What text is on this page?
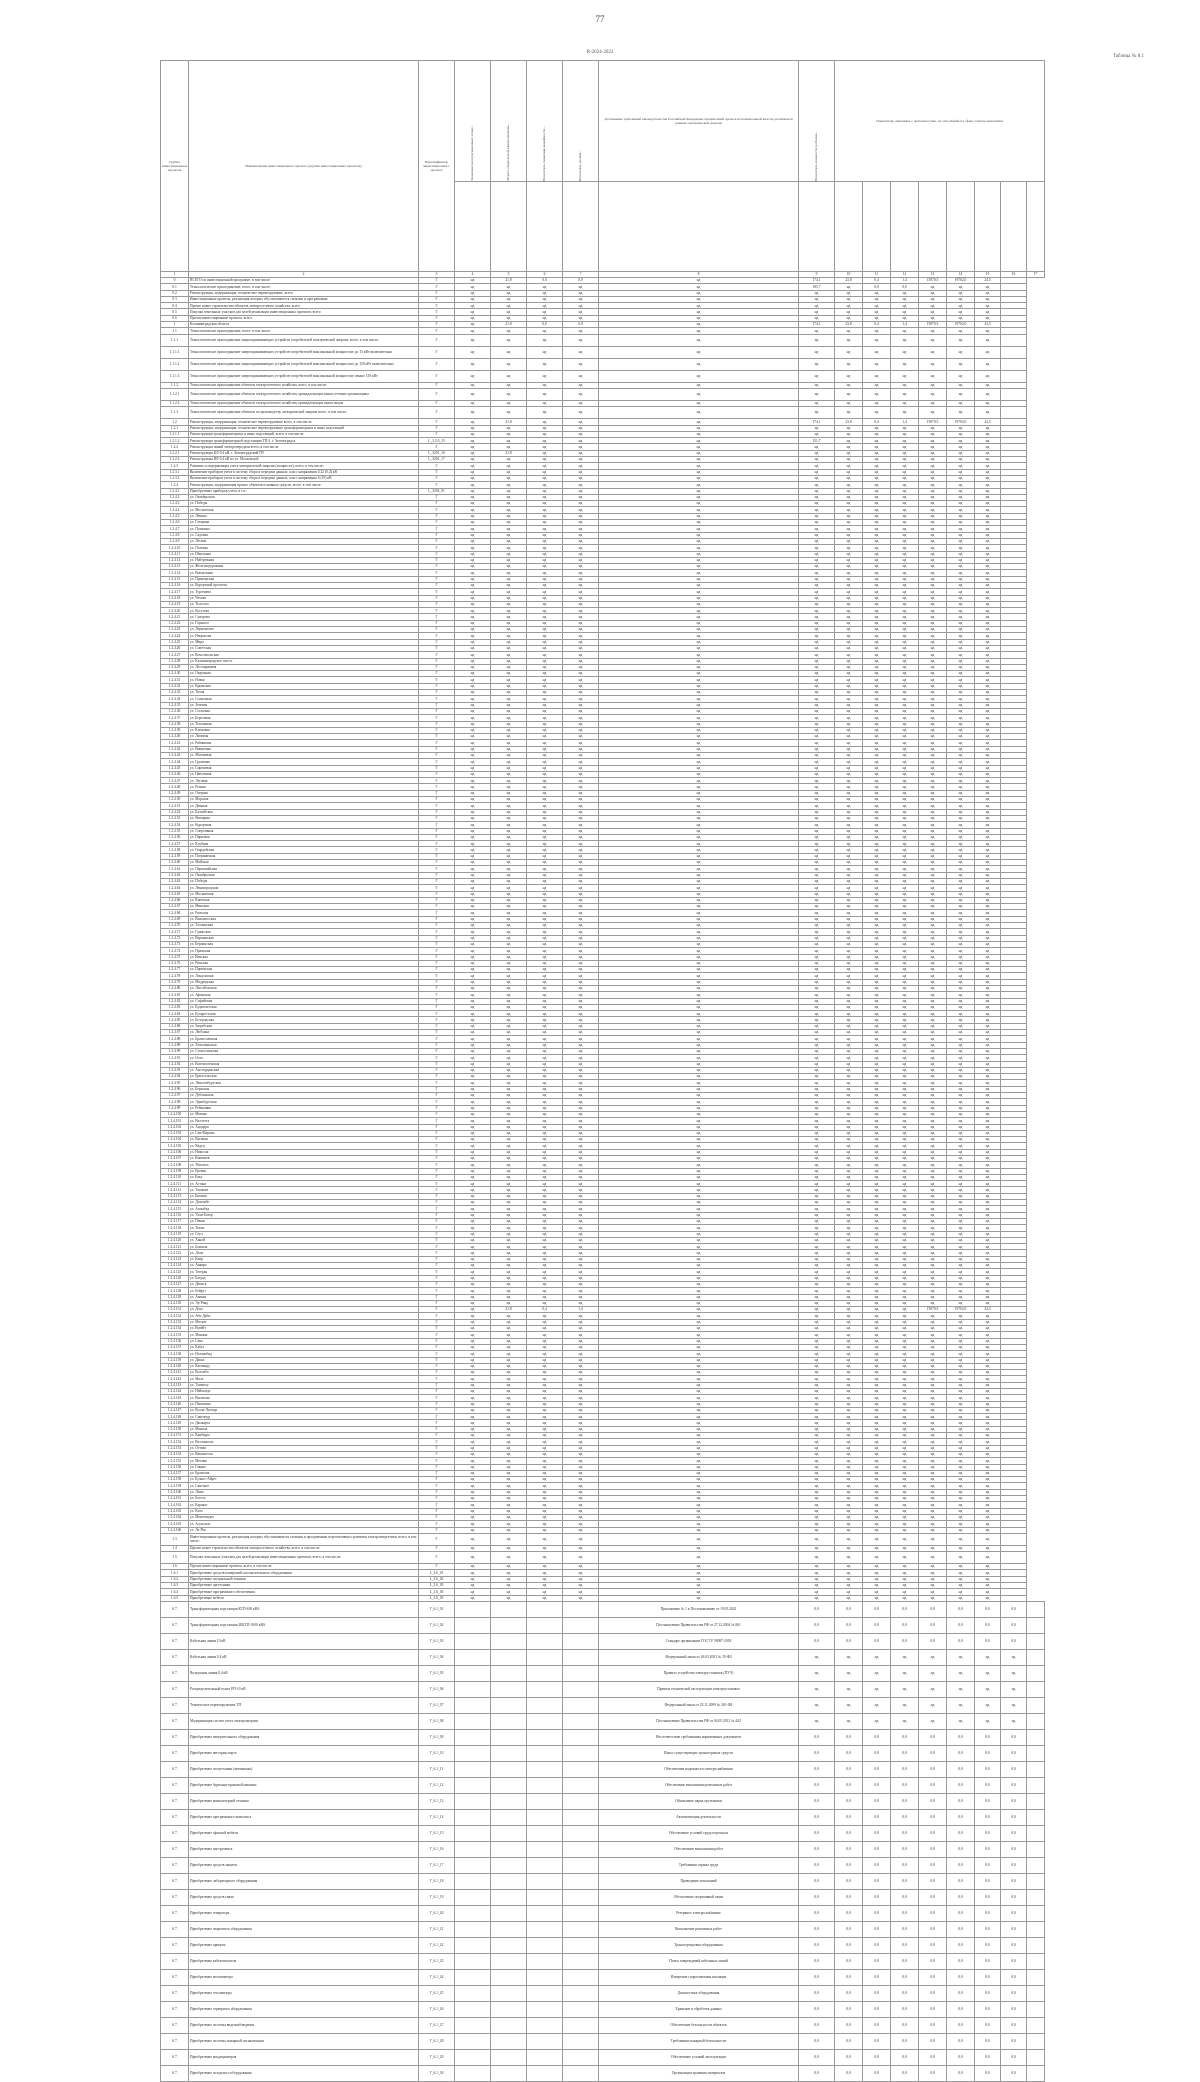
77
R-2024-2022
Таблица № 8.1
Группа инвестиционных проектов	Наименование инвестиционного проекта (группы инвестиционных проектов)	Идентификатор инвестиционного проекта	Экономия эксплуатационных затрат...	Затрата сберегаемой электроэнергии...	Показатель снижения аварийности...	Показатель уровня...	Достижение требований законодательства Российской Федерации, предписаний органов исполнительной власти, регламентов рынков электрической энергии	Показатель мощности и объема...	Показатели, связанные с деятельностью, не относящейся к сфере электроэнергетики							

1	2	3	4	5	6	7	8	9	10	11	12	13	14	15	16	17
0	ВСЕГО по инвестиционной программе, в том числе:	Г	нд	21,8	0,0	0,0	нд	174,1	23,8	0,4	1,4	15870,5	19702,0	24,5		
0.1	Технологическое присоединение, всего, в том числе:	Г	нд	нд	нд	нд	нд	185,7	нд	0,0	0,0	нд	нд	нд		
0.2	Реконструкция, модернизация, техническое перевооружение, всего	Г	нд	нд	нд	нд	нд	нд	нд	нд	нд	нд	нд	нд		
0.3	Инвестиционные проекты, реализация которых обусловливается схемами и программами	Г	нд	нд	нд	нд	нд	нд	нд	нд	нд	нд	нд	нд		
0.4	Прочее новое строительство объектов электросетевого хозяйства, всего	Г	нд	нд	нд	нд	нд	нд	нд	нд	нд	нд	нд	нд		
0.5	Покупка земельных участков для целей реализации инвестиционных проектов, всего	Г	нд	нд	нд	нд	нд	нд	нд	нд	нд	нд	нд	нд		
0.6	Прочие инвестиционные проекты, всего	Г	нд	нд	нд	нд	нд	нд	нд	нд	нд	нд	нд	нд		
1	Калининградская область	Г	нд	21,8	0,0	0,0	нд	174,1	23,8	0,4	1,4	15870,5	19702,0	24,5		
1.1	Технологическое присоединение, всего, в том числе:	Г	нд	нд	нд	нд	нд	нд	нд	нд	нд	нд	нд	нд		
1.1.1	Технологическое присоединение энергопринимающих устройств потребителей электрической энергии, всего, в том числе:	Г	нд	нд	нд	нд	нд	нд	нд	нд	нд	нд	нд	нд		
1.1.1.1	Технологическое присоединение энергопринимающих устройств потребителей максимальной мощностью до 15 кВт включительно	Г	нд	нд	нд	нд	нд	нд	нд	нд	нд	нд	нд	нд		
1.1.1.2	Технологическое присоединение энергопринимающих устройств потребителей максимальной мощностью до 150 кВт включительно	Г	нд	нд	нд	нд	нд	нд	нд	нд	нд	нд	нд	нд		
1.1.1.3	Технологическое присоединение энергопринимающих устройств потребителей максимальной мощностью свыше 150 кВт	Г	нд	нд	нд	нд	нд	нд	нд	нд	нд	нд	нд	нд		
1.1.2	Технологическое присоединение объектов электросетевого хозяйства, всего, в том числе:	Г	нд	нд	нд	нд	нд	нд	нд	нд	нд	нд	нд	нд		
1.1.2.1	Технологическое присоединение объектов электросетевого хозяйства, принадлежащих иным сетевым организациям	Г	нд	нд	нд	нд	нд	нд	нд	нд	нд	нд	нд	нд		
1.1.2.2	Технологическое присоединение объектов электросетевого хозяйства, принадлежащих иным лицам	Г	нд	нд	нд	нд	нд	нд	нд	нд	нд	нд	нд	нд		
1.1.3	Технологическое присоединение объектов по производству электрической энергии всего, в том числе:	Г	нд	нд	нд	нд	нд	нд	нд	нд	нд	нд	нд	нд		
1.2	Реконструкция, модернизация, техническое перевооружение всего, в том числе:	Г	нд	21,8	нд	нд	нд	174,1	23,8	0,4	1,4	15870,5	19702,0	24,5		
1.2.1	Реконструкция, модернизация, техническое перевооружение трансформаторных и иных подстанций	Г	нд	нд	нд	нд	нд	нд	нд	нд	нд	нд	нд	нд		
1.2.1.1	Реконструкция трансформаторных и иных подстанций, всего, в том числе:	Г	нд	нд	нд	нд	нд	нд	нд	нд	нд	нд	нд	нд		
1.2.1.2	Реконструкция трансформаторной подстанции ТП-2, г. Зеленоградск	L_3.2.0_15	нд	нд	нд	нд	нд	151,7	нд	нд	нд	нд	нд	нд		
1.2.2	Реконструкция линий электропередачи всего, в том числе:	Г	нд	нд	нд	нд	нд	нд	нд	нд	нд	нд	нд	нд		
1.2.2.1	Реконструкция КЛ-0,4 кВ, г. Зеленоградский ПУ	L_3201_16	нд	21,8	нд	нд	нд	нд	нд	нд	нд	нд	нд	нд		
1.2.2.2	Реконструкция ВЛ-0,4 кВ по ул. Московской	L_3201_17	нд	нд	нд	нд	нд	нд	нд	нд	нд	нд	нд	нд		
1.2.3	Развитие и модернизация учета электрической энергии (мощности), всего, в том числе:	Г	нд	нд	нд	нд	нд	нд	нд	нд	нд	нд	нд	нд		
1.2.3.1	Включение приборов учета в систему сбора и передачи данных, класс напряжения 0,22 (0,4) кВ	Г	нд	нд	нд	нд	нд	нд	нд	нд	нд	нд	нд	нд		
1.2.3.2	Включение приборов учета в систему сбора и передачи данных, класс напряжения 6 (10) кВ	Г	нд	нд	нд	нд	нд	нд	нд	нд	нд	нд	нд	нд		
1.2.4	Реконструкция, модернизация прочих объектов основных средств, всего, в том числе:	Г	нд	нд	нд	нд	нд	нд	нд	нд	нд	нд	нд	нд		
1.2.4.1	Приобретение приборов учета, в т.ч.:	L_3204_01	нд	нд	нд	нд	нд	нд	нд	нд	нд	нд	нд	нд		
1.2.4.2	ул. Октябрьская	Г	нд	нд	нд	нд	нд	нд	нд	нд	нд	нд	нд	нд		
1.2.4.3	ул. Победы	Г	нд	нд	нд	нд	нд	нд	нд	нд	нд	нд	нд	нд		
1.2.4.4	ул. Московская	Г	нд	нд	нд	нд	нд	нд	нд	нд	нд	нд	нд	нд		
1.2.4.5	ул. Ленина	Г	нд	нд	нд	нд	нд	нд	нд	нд	нд	нд	нд	нд		
1.2.4.6	ул. Гагарина	Г	нд	нд	нд	нд	нд	нд	нд	нд	нд	нд	нд	нд		
1.2.4.7	ул. Пушкина	Г	нд	нд	нд	нд	нд	нд	нд	нд	нд	нд	нд	нд		
1.2.4.8	ул. Садовая	Г	нд	нд	нд	нд	нд	нд	нд	нд	нд	нд	нд	нд		
1.2.4.9	ул. Лесная	Г	нд	нд	нд	нд	нд	нд	нд	нд	нд	нд	нд	нд		
1.2.4.10	ул. Полевая	Г	нд	нд	нд	нд	нд	нд	нд	нд	нд	нд	нд	нд		
1.2.4.11	ул. Школьная	Г	нд	нд	нд	нд	нд	нд	нд	нд	нд	нд	нд	нд		
1.2.4.12	ул. Набережная	Г	нд	нд	нд	нд	нд	нд	нд	нд	нд	нд	нд	нд		
1.2.4.13	ул. Железнодорожная	Г	нд	нд	нд	нд	нд	нд	нд	нд	нд	нд	нд	нд		
1.2.4.14	ул. Вокзальная	Г	нд	нд	нд	нд	нд	нд	нд	нд	нд	нд	нд	нд		
1.2.4.15	ул. Приморская	Г	нд	нд	нд	нд	нд	нд	нд	нд	нд	нд	нд	нд		
1.2.4.16	ул. Курортный проспект	Г	нд	нд	нд	нд	нд	нд	нд	нд	нд	нд	нд	нд		
1.2.4.17	ул. Тургенева	Г	нд	нд	нд	нд	нд	нд	нд	нд	нд	нд	нд	нд		
1.2.4.18	ул. Чехова	Г	нд	нд	нд	нд	нд	нд	нд	нд	нд	нд	нд	нд		
1.2.4.19	ул. Толстого	Г	нд	нд	нд	нд	нд	нд	нд	нд	нд	нд	нд	нд		
1.2.4.20	ул. Кутузова	Г	нд	нд	нд	нд	нд	нд	нд	нд	нд	нд	нд	нд		
1.2.4.21	ул. Суворова	Г	нд	нд	нд	нд	нд	нд	нд	нд	нд	нд	нд	нд		
1.2.4.22	ул. Горького	Г	нд	нд	нд	нд	нд	нд	нд	нд	нд	нд	нд	нд		
1.2.4.23	ул. Лермонтова	Г	нд	нд	нд	нд	нд	нд	нд	нд	нд	нд	нд	нд		
1.2.4.24	ул. Некрасова	Г	нд	нд	нд	нд	нд	нд	нд	нд	нд	нд	нд	нд		
1.2.4.25	ул. Мира	Г	нд	нд	нд	нд	нд	нд	нд	нд	нд	нд	нд	нд		
1.2.4.26	ул. Советская	Г	нд	нд	нд	нд	нд	нд	нд	нд	нд	нд	нд	нд		
1.2.4.27	ул. Комсомольская	Г	нд	нд	нд	нд	нд	нд	нд	нд	нд	нд	нд	нд		
1.2.4.28	ул. Калининградское шоссе	Г	нд	нд	нд	нд	нд	нд	нд	нд	нд	нд	нд	нд		
1.2.4.29	ул. Лесопарковая	Г	нд	нд	нд	нд	нд	нд	нд	нд	нд	нд	нд	нд		
1.2.4.30	ул. Окружная	Г	нд	нд	нд	нд	нд	нд	нд	нд	нд	нд	нд	нд		
1.2.4.31	ул. Новая	Г	нд	нд	нд	нд	нд	нд	нд	нд	нд	нд	нд	нд		
1.2.4.32	ул. Крымская	Г	нд	нд	нд	нд	нд	нд	нд	нд	нд	нд	нд	нд		
1.2.4.33	ул. Тихая	Г	нд	нд	нд	нд	нд	нд	нд	нд	нд	нд	нд	нд		
1.2.4.34	ул. Солнечная	Г	нд	нд	нд	нд	нд	нд	нд	нд	нд	нд	нд	нд		
1.2.4.35	ул. Зеленая	Г	нд	нд	нд	нд	нд	нд	нд	нд	нд	нд	нд	нд		
1.2.4.36	ул. Сосновая	Г	нд	нд	нд	нд	нд	нд	нд	нд	нд	нд	нд	нд		
1.2.4.37	ул. Березовая	Г	нд	нд	нд	нд	нд	нд	нд	нд	нд	нд	нд	нд		
1.2.4.38	ул. Тополиная	Г	нд	нд	нд	нд	нд	нд	нд	нд	нд	нд	нд	нд		
1.2.4.39	ул. Кленовая	Г	нд	нд	нд	нд	нд	нд	нд	нд	нд	нд	нд	нд		
1.2.4.40	ул. Липовая	Г	нд	нд	нд	нд	нд	нд	нд	нд	нд	нд	нд	нд		
1.2.4.41	ул. Рябиновая	Г	нд	нд	нд	нд	нд	нд	нд	нд	нд	нд	нд	нд		
1.2.4.42	ул. Вишневая	Г	нд	нд	нд	нд	нд	нд	нд	нд	нд	нд	нд	нд		
1.2.4.43	ул. Яблоневая	Г	нд	нд	нд	нд	нд	нд	нд	нд	нд	нд	нд	нд		
1.2.4.44	ул. Грушевая	Г	нд	нд	нд	нд	нд	нд	нд	нд	нд	нд	нд	нд		
1.2.4.45	ул. Сиреневая	Г	нд	нд	нд	нд	нд	нд	нд	нд	нд	нд	нд	нд		
1.2.4.46	ул. Цветочная	Г	нд	нд	нд	нд	нд	нд	нд	нд	нд	нд	нд	нд		
1.2.4.47	ул. Луговая	Г	нд	нд	нд	нд	нд	нд	нд	нд	нд	нд	нд	нд		
1.2.4.48	ул. Речная	Г	нд	нд	нд	нд	нд	нд	нд	нд	нд	нд	нд	нд		
1.2.4.49	ул. Озерная	Г	нд	нд	нд	нд	нд	нд	нд	нд	нд	нд	нд	нд		
1.2.4.50	ул. Морская	Г	нд	нд	нд	нд	нд	нд	нд	нд	нд	нд	нд	нд		
1.2.4.51	ул. Дюнная	Г	нд	нд	нд	нд	нд	нд	нд	нд	нд	нд	нд	нд		
1.2.4.52	ул. Балтийская	Г	нд	нд	нд	нд	нд	нд	нд	нд	нд	нд	нд	нд		
1.2.4.53	ул. Янтарная	Г	нд	нд	нд	нд	нд	нд	нд	нд	нд	нд	нд	нд		
1.2.4.54	ул. Курортная	Г	нд	нд	нд	нд	нд	нд	нд	нд	нд	нд	нд	нд		
1.2.4.55	ул. Спортивная	Г	нд	нд	нд	нд	нд	нд	нд	нд	нд	нд	нд	нд		
1.2.4.56	ул. Парковая	Г	нд	нд	нд	нд	нд	нд	нд	нд	нд	нд	нд	нд		
1.2.4.57	ул. Клубная	Г	нд	нд	нд	нд	нд	нд	нд	нд	нд	нд	нд	нд		
1.2.4.58	ул. Гвардейская	Г	нд	нд	нд	нд	нд	нд	нд	нд	нд	нд	нд	нд		
1.2.4.59	ул. Пограничная	Г	нд	нд	нд	нд	нд	нд	нд	нд	нд	нд	нд	нд		
1.2.4.60	ул. Майская	Г	нд	нд	нд	нд	нд	нд	нд	нд	нд	нд	нд	нд		
1.2.4.61	ул. Первомайская	Г	нд	нд	нд	нд	нд	нд	нд	нд	нд	нд	нд	нд		
1.2.4.62	ул. Октябрьская	Г	нд	нд	нд	нд	нд	нд	нд	нд	нд	нд	нд	нд		
1.2.4.63	ул. Победы	Г	нд	нд	нд	нд	нд	нд	нд	нд	нд	нд	нд	нд		
1.2.4.64	ул. Ленинградская	Г	нд	нд	нд	нд	нд	нд	нд	нд	нд	нд	нд	нд		
1.2.4.65	ул. Московская	Г	нд	нд	нд	нд	нд	нд	нд	нд	нд	нд	нд	нд		
1.2.4.66	ул. Киевская	Г	нд	нд	нд	нд	нд	нд	нд	нд	нд	нд	нд	нд		
1.2.4.67	ул. Минская	Г	нд	нд	нд	нд	нд	нд	нд	нд	нд	нд	нд	нд		
1.2.4.68	ул. Рижская	Г	нд	нд	нд	нд	нд	нд	нд	нд	нд	нд	нд	нд		
1.2.4.69	ул. Вильнюсская	Г	нд	нд	нд	нд	нд	нд	нд	нд	нд	нд	нд	нд		
1.2.4.70	ул. Таллинская	Г	нд	нд	нд	нд	нд	нд	нд	нд	нд	нд	нд	нд		
1.2.4.71	ул. Гданьская	Г	нд	нд	нд	нд	нд	нд	нд	нд	нд	нд	нд	нд		
1.2.4.72	ул. Варшавская	Г	нд	нд	нд	нд	нд	нд	нд	нд	нд	нд	нд	нд		
1.2.4.73	ул. Берлинская	Г	нд	нд	нд	нд	нд	нд	нд	нд	нд	нд	нд	нд		
1.2.4.74	ул. Пражская	Г	нд	нд	нд	нд	нд	нд	нд	нд	нд	нд	нд	нд		
1.2.4.75	ул. Венская	Г	нд	нд	нд	нд	нд	нд	нд	нд	нд	нд	нд	нд		
1.2.4.76	ул. Римская	Г	нд	нд	нд	нд	нд	нд	нд	нд	нд	нд	нд	нд		
1.2.4.77	ул. Парижская	Г	нд	нд	нд	нд	нд	нд	нд	нд	нд	нд	нд	нд		
1.2.4.78	ул. Лондонская	Г	нд	нд	нд	нд	нд	нд	нд	нд	нд	нд	нд	нд		
1.2.4.79	ул. Мадридская	Г	нд	нд	нд	нд	нд	нд	нд	нд	нд	нд	нд	нд		
1.2.4.80	ул. Лиссабонская	Г	нд	нд	нд	нд	нд	нд	нд	нд	нд	нд	нд	нд		
1.2.4.81	ул. Афинская	Г	нд	нд	нд	нд	нд	нд	нд	нд	нд	нд	нд	нд		
1.2.4.82	ул. Софийская	Г	нд	нд	нд	нд	нд	нд	нд	нд	нд	нд	нд	нд		
1.2.4.83	ул. Будапештская	Г	нд	нд	нд	нд	нд	нд	нд	нд	нд	нд	нд	нд		
1.2.4.84	ул. Бухарестская	Г	нд	нд	нд	нд	нд	нд	нд	нд	нд	нд	нд	нд		
1.2.4.85	ул. Белградская	Г	нд	нд	нд	нд	нд	нд	нд	нд	нд	нд	нд	нд		
1.2.4.86	ул. Загребская	Г	нд	нд	нд	нд	нд	нд	нд	нд	нд	нд	нд	нд		
1.2.4.87	ул. Любляна	Г	нд	нд	нд	нд	нд	нд	нд	нд	нд	нд	нд	нд		
1.2.4.88	ул. Братиславская	Г	нд	нд	нд	нд	нд	нд	нд	нд	нд	нд	нд	нд		
1.2.4.89	ул. Хельсинкская	Г	нд	нд	нд	нд	нд	нд	нд	нд	нд	нд	нд	нд		
1.2.4.90	ул. Стокгольмская	Г	нд	нд	нд	нд	нд	нд	нд	нд	нд	нд	нд	нд		
1.2.4.91	ул. Осло	Г	нд	нд	нд	нд	нд	нд	нд	нд	нд	нд	нд	нд		
1.2.4.92	ул. Копенгагенская	Г	нд	нд	нд	нд	нд	нд	нд	нд	нд	нд	нд	нд		
1.2.4.93	ул. Амстердамская	Г	нд	нд	нд	нд	нд	нд	нд	нд	нд	нд	нд	нд		
1.2.4.94	ул. Брюссельская	Г	нд	нд	нд	нд	нд	нд	нд	нд	нд	нд	нд	нд		
1.2.4.95	ул. Люксембургская	Г	нд	нд	нд	нд	нд	нд	нд	нд	нд	нд	нд	нд		
1.2.4.96	ул. Бернская	Г	нд	нд	нд	нд	нд	нд	нд	нд	нд	нд	нд	нд		
1.2.4.97	ул. Дублинская	Г	нд	нд	нд	нд	нд	нд	нд	нд	нд	нд	нд	нд		
1.2.4.98	ул. Эдинбургская	Г	нд	нд	нд	нд	нд	нд	нд	нд	нд	нд	нд	нд		
1.2.4.99	ул. Рейкьявик	Г	нд	нд	нд	нд	нд	нд	нд	нд	нд	нд	нд	нд		
1.2.4.100	ул. Монако	Г	нд	нд	нд	нд	нд	нд	нд	нд	нд	нд	нд	нд		
1.2.4.101	ул. Валлетта	Г	нд	нд	нд	нд	нд	нд	нд	нд	нд	нд	нд	нд		
1.2.4.102	ул. Андорра	Г	нд	нд	нд	нд	нд	нд	нд	нд	нд	нд	нд	нд		
1.2.4.103	ул. Сан-Марино	Г	нд	нд	нд	нд	нд	нд	нд	нд	нд	нд	нд	нд		
1.2.4.104	ул. Ватикан	Г	нд	нд	нд	нд	нд	нд	нд	нд	нд	нд	нд	нд		
1.2.4.105	ул. Вадуц	Г	нд	нд	нд	нд	нд	нд	нд	нд	нд	нд	нд	нд		
1.2.4.106	ул. Никосия	Г	нд	нд	нд	нд	нд	нд	нд	нд	нд	нд	нд	нд		
1.2.4.107	ул. Кишинев	Г	нд	нд	нд	нд	нд	нд	нд	нд	нд	нд	нд	нд		
1.2.4.108	ул. Тбилиси	Г	нд	нд	нд	нд	нд	нд	нд	нд	нд	нд	нд	нд		
1.2.4.109	ул. Ереван	Г	нд	нд	нд	нд	нд	нд	нд	нд	нд	нд	нд	нд		
1.2.4.110	ул. Баку	Г	нд	нд	нд	нд	нд	нд	нд	нд	нд	нд	нд	нд		
1.2.4.111	ул. Астана	Г	нд	нд	нд	нд	нд	нд	нд	нд	нд	нд	нд	нд		
1.2.4.112	ул. Ташкент	Г	нд	нд	нд	нд	нд	нд	нд	нд	нд	нд	нд	нд		
1.2.4.113	ул. Бишкек	Г	нд	нд	нд	нд	нд	нд	нд	нд	нд	нд	нд	нд		
1.2.4.114	ул. Душанбе	Г	нд	нд	нд	нд	нд	нд	нд	нд	нд	нд	нд	нд		
1.2.4.115	ул. Ашхабад	Г	нд	нд	нд	нд	нд	нд	нд	нд	нд	нд	нд	нд		
1.2.4.116	ул. Улан-Батор	Г	нд	нд	нд	нд	нд	нд	нд	нд	нд	нд	нд	нд		
1.2.4.117	ул. Пекин	Г	нд	нд	нд	нд	нд	нд	нд	нд	нд	нд	нд	нд		
1.2.4.118	ул. Токио	Г	нд	нд	нд	нд	нд	нд	нд	нд	нд	нд	нд	нд		
1.2.4.119	ул. Сеул	Г	нд	нд	нд	нд	нд	нд	нд	нд	нд	нд	нд	нд		
1.2.4.120	ул. Ханой	Г	нд	нд	нд	нд	нд	нд	нд	нд	нд	нд	нд	нд		
1.2.4.121	ул. Бангкок	Г	нд	нд	нд	нд	нд	нд	нд	нд	нд	нд	нд	нд		
1.2.4.122	ул. Дели	Г	нд	нд	нд	нд	нд	нд	нд	нд	нд	нд	нд	нд		
1.2.4.123	ул. Каир	Г	нд	нд	нд	нд	нд	нд	нд	нд	нд	нд	нд	нд		
1.2.4.124	ул. Анкара	Г	нд	нд	нд	нд	нд	нд	нд	нд	нд	нд	нд	нд		
1.2.4.125	ул. Тегеран	Г	нд	нд	нд	нд	нд	нд	нд	нд	нд	нд	нд	нд		
1.2.4.126	ул. Багдад	Г	нд	нд	нд	нд	нд	нд	нд	нд	нд	нд	нд	нд		
1.2.4.127	ул. Дамаск	Г	нд	нд	нд	нд	нд	нд	нд	нд	нд	нд	нд	нд		
1.2.4.128	ул. Бейрут	Г	нд	нд	нд	нд	нд	нд	нд	нд	нд	нд	нд	нд		
1.2.4.129	ул. Амман	Г	нд	нд	нд	нд	нд	нд	нд	нд	нд	нд	нд	нд		
1.2.4.130	ул. Эр-Рияд	Г	нд	нд	нд	нд	нд	нд	нд	нд	нд	нд	нд	нд		
1.2.4.131	ул. Доха	Г	нд	21,8	0,4	1,4	нд	нд	нд	нд	нд	15870,5	19702,0	24,5		
1.2.4.132	ул. Абу-Даби	Г	нд	нд	нд	нд	нд	нд	нд	нд	нд	нд	нд	нд		
1.2.4.133	ул. Маскат	Г	нд	нд	нд	нд	нд	нд	нд	нд	нд	нд	нд	нд		
1.2.4.134	ул. Кувейт	Г	нд	нд	нд	нд	нд	нд	нд	нд	нд	нд	нд	нд		
1.2.4.135	ул. Манама	Г	нд	нд	нд	нд	нд	нд	нд	нд	нд	нд	нд	нд		
1.2.4.136	ул. Сана	Г	нд	нд	нд	нд	нд	нд	нд	нд	нд	нд	нд	нд		
1.2.4.137	ул. Кабул	Г	нд	нд	нд	нд	нд	нд	нд	нд	нд	нд	нд	нд		
1.2.4.138	ул. Исламабад	Г	нд	нд	нд	нд	нд	нд	нд	нд	нд	нд	нд	нд		
1.2.4.139	ул. Дакка	Г	нд	нд	нд	нд	нд	нд	нд	нд	нд	нд	нд	нд		
1.2.4.140	ул. Катманду	Г	нд	нд	нд	нд	нд	нд	нд	нд	нд	нд	нд	нд		
1.2.4.141	ул. Коломбо	Г	нд	нд	нд	нд	нд	нд	нд	нд	нд	нд	нд	нд		
1.2.4.142	ул. Мале	Г	нд	нд	нд	нд	нд	нд	нд	нд	нд	нд	нд	нд		
1.2.4.143	ул. Тхимпху	Г	нд	нд	нд	нд	нд	нд	нд	нд	нд	нд	нд	нд		
1.2.4.144	ул. Нейпьидо	Г	нд	нд	нд	нд	нд	нд	нд	нд	нд	нд	нд	нд		
1.2.4.145	ул. Вьентьян	Г	нд	нд	нд	нд	нд	нд	нд	нд	нд	нд	нд	нд		
1.2.4.146	ул. Пномпень	Г	нд	нд	нд	нд	нд	нд	нд	нд	нд	нд	нд	нд		
1.2.4.147	ул. Куала-Лумпур	Г	нд	нд	нд	нд	нд	нд	нд	нд	нд	нд	нд	нд		
1.2.4.148	ул. Сингапур	Г	нд	нд	нд	нд	нд	нд	нд	нд	нд	нд	нд	нд		
1.2.4.149	ул. Джакарта	Г	нд	нд	нд	нд	нд	нд	нд	нд	нд	нд	нд	нд		
1.2.4.150	ул. Манила	Г	нд	нд	нд	нд	нд	нд	нд	нд	нд	нд	нд	нд		
1.2.4.151	ул. Канберра	Г	нд	нд	нд	нд	нд	нд	нд	нд	нд	нд	нд	нд		
1.2.4.152	ул. Веллингтон	Г	нд	нд	нд	нд	нд	нд	нд	нд	нд	нд	нд	нд		
1.2.4.153	ул. Оттава	Г	нд	нд	нд	нд	нд	нд	нд	нд	нд	нд	нд	нд		
1.2.4.154	ул. Вашингтон	Г	нд	нд	нд	нд	нд	нд	нд	нд	нд	нд	нд	нд		
1.2.4.155	ул. Мехико	Г	нд	нд	нд	нд	нд	нд	нд	нд	нд	нд	нд	нд		
1.2.4.156	ул. Гавана	Г	нд	нд	нд	нд	нд	нд	нд	нд	нд	нд	нд	нд		
1.2.4.157	ул. Бразилиа	Г	нд	нд	нд	нд	нд	нд	нд	нд	нд	нд	нд	нд		
1.2.4.158	ул. Буэнос-Айрес	Г	нд	нд	нд	нд	нд	нд	нд	нд	нд	нд	нд	нд		
1.2.4.159	ул. Сантьяго	Г	нд	нд	нд	нд	нд	нд	нд	нд	нд	нд	нд	нд		
1.2.4.160	ул. Лима	Г	нд	нд	нд	нд	нд	нд	нд	нд	нд	нд	нд	нд		
1.2.4.161	ул. Богота	Г	нд	нд	нд	нд	нд	нд	нд	нд	нд	нд	нд	нд		
1.2.4.162	ул. Каракас	Г	нд	нд	нд	нд	нд	нд	нд	нд	нд	нд	нд	нд		
1.2.4.163	ул. Кито	Г	нд	нд	нд	нд	нд	нд	нд	нд	нд	нд	нд	нд		
1.2.4.164	ул. Монтевидео	Г	нд	нд	нд	нд	нд	нд	нд	нд	нд	нд	нд	нд		
1.2.4.165	ул. Асунсьон	Г	нд	нд	нд	нд	нд	нд	нд	нд	нд	нд	нд	нд		
1.2.4.166	ул. Ла-Пас	Г	нд	нд	нд	нд	нд	нд	нд	нд	нд	нд	нд	нд		
1.3	Инвестиционные проекты, реализация которых обуславливается схемами и программами перспективного развития электроэнергетики, всего, в том числе:	Г	нд	нд	нд	нд	нд	нд	нд	нд	нд	нд	нд	нд		
1.4	Прочее новое строительство объектов электросетевого хозяйства, всего, в том числе:	Г	нд	нд	нд	нд	нд	нд	нд	нд	нд	нд	нд	нд		
1.5	Покупка земельных участков для целей реализации инвестиционных проектов, всего, в том числе:	Г	нд	нд	нд	нд	нд	нд	нд	нд	нд	нд	нд	нд		
1.6	Прочие инвестиционные проекты, всего, в том числе:	Г	нд	нд	нд	нд	нд	нд	нд	нд	нд	нд	нд	нд		
1.6.1	Приобретение средств измерений и испытательного оборудования	L_3.6_01	нд	нд	нд	нд	нд	нд	нд	нд	нд	нд	нд	нд		
1.6.2	Приобретение специальной техники	L_3.6_02	нд	нд	нд	нд	нд	нд	нд	нд	нд	нд	нд	нд		
1.6.3	Приобретение оргтехники	L_3.6_03	нд	нд	нд	нд	нд	нд	нд	нд	нд	нд	нд	нд		
1.6.4	Приобретение программного обеспечения	L_3.6_04	нд	нд	нд	нд	нд	нд	нд	нд	нд	нд	нд	нд		
1.6.5	Приобретение мебели	L_3.6_05	нд	нд	нд	нд	нд	нд	нд	нд	нд	нд	нд	нд		
6.7	Трансформаторная подстанция КТП-630 кВА	Г_6.1_01					Приложение № 1 к Постановлению от 19.05.2022	0,0	0,0	0,0	0,0	0,0	0,0	0,0	0,0	
6.7	Трансформаторная подстанция 2БКТП-1000 кВА	Г_6.1_02					Постановление Правительства РФ от 27.12.2004 № 861	0,0	0,0	0,0	0,0	0,0	0,0	0,0	0,0	
6.7	Кабельная линия 10 кВ	Г_6.1_03					Стандарт организации ГОСТ Р 58087-2018	0,0	0,0	0,0	0,0	0,0	0,0	0,0	0,0	
6.7	Кабельная линия 0,4 кВ	Г_6.1_04					Федеральный закон от 26.03.2003 № 35-ФЗ	нд	нд	нд	нд	нд	нд	нд	нд	
6.7	Воздушная линия 0,4 кВ	Г_6.1_05					Правила устройства электроустановок (ПУЭ)	нд	нд	нд	нд	нд	нд	нд	нд	
6.7	Распределительный пункт РП-10 кВ	Г_6.1_06					Правила технической эксплуатации электроустановок	нд	нд	нд	нд	нд	нд	нд	нд	
6.7	Техническое перевооружение ТП	Г_6.1_07					Федеральный закон от 23.11.2009 № 261-ФЗ	нд	нд	нд	нд	нд	нд	нд	нд	
6.7	Модернизация систем учета электроэнергии	Г_6.1_08					Постановление Правительства РФ от 04.05.2012 № 442	нд	нд	нд	нд	нд	нд	нд	нд	
6.7	Приобретение измерительного оборудования	Г_6.1_09					Несоответствие требованиям нормативных документов	0,0	0,0	0,0	0,0	0,0	0,0	0,0	0,0	
6.7	Приобретение автотранспорта	Г_6.1_10					Износ существующих транспортных средств	0,0	0,0	0,0	0,0	0,0	0,0	0,0	0,0	
6.7	Приобретение спецтехники (автовышка)	Г_6.1_11					Обеспечение надежности электроснабжения	0,0	0,0	0,0	0,0	0,0	0,0	0,0	0,0	
6.7	Приобретение бурильно-крановой машины	Г_6.1_12					Обеспечение выполнения ремонтных работ	0,0	0,0	0,0	0,0	0,0	0,0	0,0	0,0	
6.7	Приобретение компьютерной техники	Г_6.1_13					Обновление парка оргтехники	0,0	0,0	0,0	0,0	0,0	0,0	0,0	0,0	
6.7	Приобретение программного комплекса	Г_6.1_14					Автоматизация деятельности	0,0	0,0	0,0	0,0	0,0	0,0	0,0	0,0	
6.7	Приобретение офисной мебели	Г_6.1_15					Обеспечение условий труда персонала	0,0	0,0	0,0	0,0	0,0	0,0	0,0	0,0	
6.7	Приобретение инструмента	Г_6.1_16					Обеспечение выполнения работ	0,0	0,0	0,0	0,0	0,0	0,0	0,0	0,0	
6.7	Приобретение средств защиты	Г_6.1_17					Требования охраны труда	0,0	0,0	0,0	0,0	0,0	0,0	0,0	0,0	
6.7	Приобретение лабораторного оборудования	Г_6.1_18					Проведение испытаний	0,0	0,0	0,0	0,0	0,0	0,0	0,0	0,0	
6.7	Приобретение средств связи	Г_6.1_19					Обеспечение оперативной связи	0,0	0,0	0,0	0,0	0,0	0,0	0,0	0,0	
6.7	Приобретение генератора	Г_6.1_20					Резервное электроснабжение	0,0	0,0	0,0	0,0	0,0	0,0	0,0	0,0	
6.7	Приобретение сварочного оборудования	Г_6.1_21					Выполнение ремонтных работ	0,0	0,0	0,0	0,0	0,0	0,0	0,0	0,0	
6.7	Приобретение прицепа	Г_6.1_22					Транспортировка оборудования	0,0	0,0	0,0	0,0	0,0	0,0	0,0	0,0	
6.7	Приобретение кабелеискателя	Г_6.1_23					Поиск повреждений кабельных линий	0,0	0,0	0,0	0,0	0,0	0,0	0,0	0,0	
6.7	Приобретение мегаомметра	Г_6.1_24					Измерение сопротивления изоляции	0,0	0,0	0,0	0,0	0,0	0,0	0,0	0,0	
6.7	Приобретение тепловизора	Г_6.1_25					Диагностика оборудования	0,0	0,0	0,0	0,0	0,0	0,0	0,0	0,0	
6.7	Приобретение серверного оборудования	Г_6.1_26					Хранение и обработка данных	0,0	0,0	0,0	0,0	0,0	0,0	0,0	0,0	
6.7	Приобретение системы видеонаблюдения	Г_6.1_27					Обеспечение безопасности объектов	0,0	0,0	0,0	0,0	0,0	0,0	0,0	0,0	
6.7	Приобретение системы пожарной сигнализации	Г_6.1_28					Требования пожарной безопасности	0,0	0,0	0,0	0,0	0,0	0,0	0,0	0,0	
6.7	Приобретение кондиционеров	Г_6.1_29					Обеспечение условий эксплуатации	0,0	0,0	0,0	0,0	0,0	0,0	0,0	0,0	
6.7	Приобретение складского оборудования	Г_6.1_30					Организация хранения материалов	0,0	0,0	0,0	0,0	0,0	0,0	0,0	0,0	
